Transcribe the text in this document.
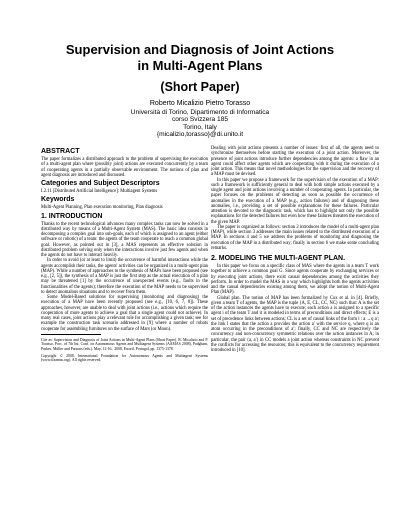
Supervision and Diagnosis of Joint Actions
in Multi-Agent Plans
(Short Paper)
Roberto Micalizio Pietro Torasso
Università di Torino, Dipartimento di Informatica
corso Svizzera 185
Torino, Italy
{micalizio,torasso}@di.unito.it
ABSTRACT
The paper formalizes a distributed approach to the problem of supervising the execution of a multi-agent plan where (possibly joint) actions are executed concurrently by a team of cooperating agents in a partially observable environment. The notions of plan and agent diagnosis are introduced and discussed.
Categories and Subject Descriptors
I.2.11 [Distributed Artificial Intelligence]: Multiagent Systems
Keywords
Multi-Agent Planning, Plan execution monitoring, Plan diagnosis
1. INTRODUCTION
Thanks to the recent technological advances many complex tasks can now be solved in a distributed way by means of a Multi-Agent System (MAS). The basic idea consists in decomposing a complex goal into sub-goals, each of which is assigned to an agent (either software or robotic) of a team: the agents of the team cooperate to reach a common global goal. However, as pointed out in [3], a MAS represents an effective solution in distributed problem solving only when the interactions involve just few agents and when the agents do not have to interact heavily.
In order to avoid (or at least to limit) the occurrence of harmful interactions while the agents accomplish their tasks, the agents' activities can be organized in a multi-agent plan (MAP). While a number of approaches to the synthesis of MAPs have been proposed (see e.g., [2, 5]), the synthesis of a MAP is just the first step as the actual execution of a plan may be threatened [1] by the occurrence of unexpected events (e.g., faults in the functionalities of the agents); therefore the execution of the MAP needs to be supervised to detect anomalous situations and to recover from them.
Some Model-Based solutions for supervising (monitoring and diagnosing) the execution of a MAP have been recently proposed (see e.g., [10, 6, 7, 8]). These approaches, however, are unable to deal with joint actions (i.e., actions which require the cooperation of more agents to achieve a goal that a single agent could not achieve). In many real cases, joint actions play a relevant role for accomplishing a given task; see for example the construction task scenario addressed in [9] where a number of robots cooperate for assembling furnitures on the surface of Mars (or Moon).
Cite as: Supervision and Diagnosis of Joint Actions in Multi-Agent Plans (Short Paper), R. Micalizio and P. Torasso, Proc. of 7th Int. Conf. on Autonomous Agents and Multiagent Systems (AAMAS 2008), Padgham, Parkes, Müller and Parsons (eds.), May, 12-16., 2008, Estoril, Portugal, pp. 1375-1378.
Copyright © 2008, International Foundation for Autonomous Agents and Multiagent Systems (www.ifaamas.org). All rights reserved.
Dealing with joint actions presents a number of issues: first of all, the agents need to synchronize themselves before starting the execution of a joint action. Moreover, the presence of joint actions introduce further dependencies among the agents: a flaw in an agent could affect other agents which are cooperating with it during the execution of a joint action. This means that novel methodologies for the supervision and the recovery of a MAP must be devised.
In this paper we propose a framework for the supervision of the execution of a MAP: such a framework is sufficiently general to deal with both simple actions executed by a single agent and joint actions involving a number of cooperating agents. In particular, the paper focuses on the problems of detecting as soon as possible the occurrence of anomalies in the execution of a MAP (e.g., action failures) and of diagnosing these anomalies, i.e., providing a set of possible explanations for these failures. Particular attention is devoted to the diagnostic task, which has to highlight not only the possible explanations for the detected failures but even how these failures threaten the execution of the given MAP.
The paper is organized as follows: section 2 introduces the model of a multi-agent plan (MAP), while section 3 addresses the main issues related to the distributed execution of a MAP. In sections 4 and 5 we address the problems of monitoring and diagnosing the execution of the MAP in a distributed way; finally in section 6 we make some concluding remarks.
2. MODELING THE MULTI-AGENT PLAN.
In this paper we focus on a specific class of MAS where the agents in a team T work together to achieve a common goal G. Since agents cooperate by exchanging services or by executing joint actions, there exist causal dependencies among the activities they perform. In order to model the MAS in a way which highlights both the agents activities and the causal dependencies existing among them, we adopt the notion of Multi-Agent Plan (MAP).
Global plan. The notion of MAP has been formalized by Cox et al. in [4]. Briefly, given a team T of agents, the MAP is the tuple ⟨A, E, CL, CC, NC⟩ such that: A is the set of the action instances the agents have to execute; each action a is assigned to a specific agent i of the team T and it is modeled in terms of preconditions and direct effects; E is a set of precedence links between actions; CL is a set of causal links of the form l : a →q a′; the link l states that the action a provides the action a′ with the service q, where q is an atom occurring in the preconditions of a′; finally, CC and NC are respectively the concurrency and non-concurrency symmetric relations over the action instances in A; in particular, the pair ⟨a, a′⟩ in CC models a joint action whereas constraints in NC prevent the conflicts for accessing the resources; this is equivalent to the concurrency requirement introduced in [10].
